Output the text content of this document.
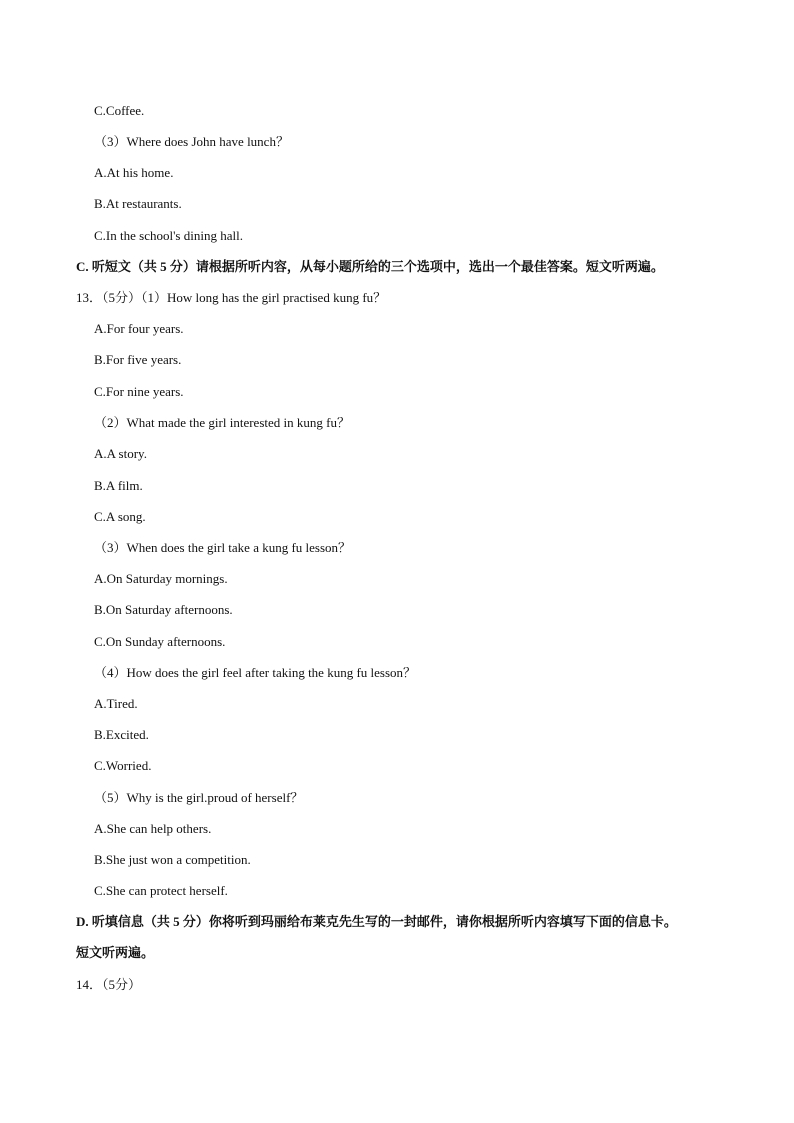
C.Coffee.
（3）Where does John have lunch？
A.At his home.
B.At restaurants.
C.In the school's dining hall.
C. 听短文（共 5 分）请根据所听内容，从每小题所给的三个选项中，选出一个最佳答案。短文听两遍。
13．（5分）（1）How long has the girl practised kung fu？
A.For four years.
B.For five years.
C.For nine years.
（2）What made the girl interested in kung fu？
A.A story.
B.A film.
C.A song.
（3）When does the girl take a kung fu lesson？
A.On Saturday mornings.
B.On Saturday afternoons.
C.On Sunday afternoons.
（4）How does the girl feel after taking the kung fu lesson？
A.Tired.
B.Excited.
C.Worried.
（5）Why is the girl.proud of herself？
A.She can help others.
B.She just won a competition.
C.She can protect herself.
D. 听填信息（共 5 分）你将听到玛丽给布莱克先生写的一封邮件，请你根据所听内容填写下面的信息卡。
短文听两遍。
14．（5分）
